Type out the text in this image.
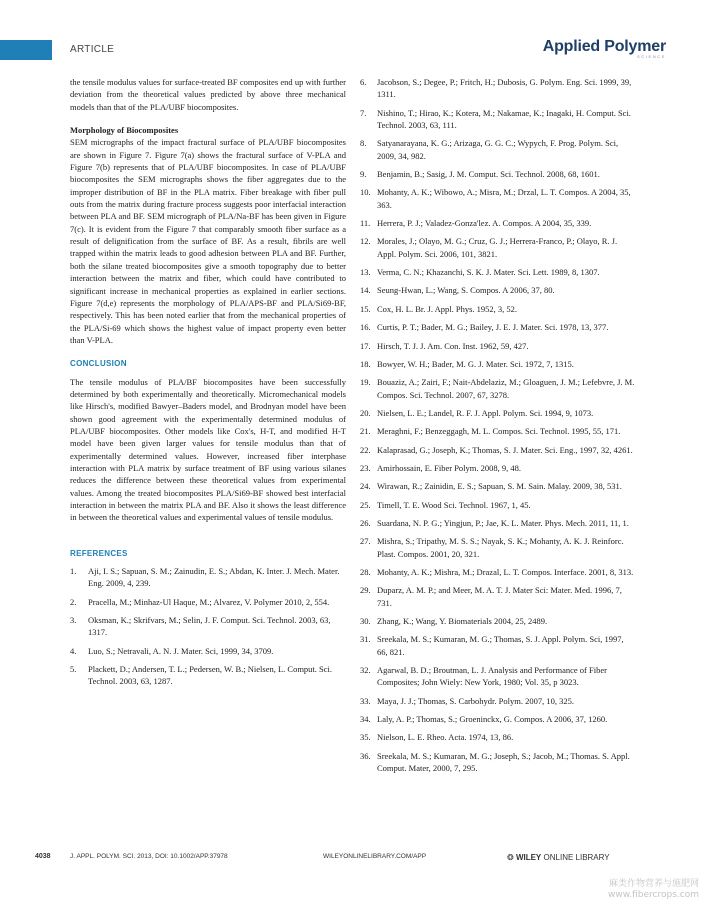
ARTICLE	Applied Polymer
SCIENCE

the tensile modulus values for surface-treated BF composites end up with further deviation from the theoretical values predicted by above three mechanical models than that of the PLA/UBF biocomposites.

Morphology of Biocomposites

SEM micrographs of the impact fractural surface of PLA/UBF biocomposites are shown in Figure 7. Figure 7(a) shows the fractural surface of V-PLA and Figure 7(b) represents that of PLA/UBF biocomposites. In case of PLA/UBF biocomposites the SEM micrographs shows the fiber aggregates due to the improper distribution of BF in the PLA matrix. Fiber breakage with fiber pull outs from the matrix during fracture process suggests poor interfacial interaction between PLA and BF. SEM micrograph of PLA/Na-BF has been given in Figure 7(c). It is evident from the Figure 7 that comparably smooth fiber surface as a result of delignification from the surface of BF. As a result, fibrils are well trapped within the matrix leads to good adhesion between PLA and BF. Further, both the silane treated biocomposites give a smooth topography due to better interaction between the matrix and fiber, which could have contributed to significant increase in mechanical properties as explained in earlier sections. Figure 7(d,e) represents the morphology of PLA/APS-BF and PLA/Si69-BF, respectively. This has been noted earlier that from the mechanical properties of the PLA/Si-69 which shows the highest value of impact property even better than V-PLA.

CONCLUSION

The tensile modulus of PLA/BF biocomposites have been successfully determined by both experimentally and theoretically. Micromechanical models like Hirsch's, modified Bawyer–Baders model, and Brodnyan model have been shown good agreement with the experimentally determined modulus of PLA/UBF biocomposites. Other models like Cox's, H-T, and modified H-T model have been given larger values for tensile modulus than that of experimentally determined values. However, increased fiber interphase interaction with PLA matrix by surface treatment of BF using various silanes reduces the difference between these theoretical values from experimental values. Among the treated biocomposites PLA/Si69-BF showed best interfacial interaction in between the matrix PLA and BF. Also it shows the least difference in between the theoretical values and experimental values of tensile modulus.

REFERENCES
1.	Aji, I. S.; Sapuan, S. M.; Zainudin, E. S.; Abdan, K. Inter. J. Mech. Mater. Eng. 2009, 4, 239.
2.	Pracella, M.; Minhaz-Ul Haque, M.; Alvarez, V. Polymer 2010, 2, 554.
3.	Oksman, K.; Skrifvars, M.; Selin, J. F. Comput. Sci. Technol. 2003, 63, 1317.
4.	Luo, S.; Netravali, A. N. J. Mater. Sci, 1999, 34, 3709.
5.	Plackett, D.; Andersen, T. L.; Pedersen, W. B.; Nielsen, L. Comput. Sci. Technol. 2003, 63, 1287.
6.	Jacobson, S.; Degee, P.; Fritch, H.; Dubosis, G. Polym. Eng. Sci. 1999, 39, 1311.
7.	Nishino, T.; Hirao, K.; Kotera, M.; Nakamae, K.; Inagaki, H. Comput. Sci. Technol. 2003, 63, 111.
8.	Satyanarayana, K. G.; Arizaga, G. G. C.; Wypych, F. Prog. Polym. Sci, 2009, 34, 982.
9.	Benjamin, B.; Sasig, J. M. Comput. Sci. Technol. 2008, 68, 1601.
10. Mohanty, A. K.; Wibowo, A.; Misra, M.; Drzal, L. T. Compos. A 2004, 35, 363.
11. Herrera, P. J.; Valadez-Gonza'lez. A. Compos. A 2004, 35, 339.
12. Morales, J.; Olayo, M. G.; Cruz, G. J.; Herrera-Franco, P.; Olayo, R. J. Appl. Polym. Sci. 2006, 101, 3821.
13. Verma, C. N.; Khazanchi, S. K. J. Mater. Sci. Lett. 1989, 8, 1307.
14. Seung-Hwan, L.; Wang, S. Compos. A 2006, 37, 80.
15. Cox, H. L. Br. J. Appl. Phys. 1952, 3, 52.
16. Curtis, P. T.; Bader, M. G.; Bailey, J. E. J. Mater. Sci. 1978, 13, 377.
17. Hirsch, T. J. J. Am. Con. Inst. 1962, 59, 427.
18. Bowyer, W. H.; Bader, M. G. J. Mater. Sci. 1972, 7, 1315.
19. Bouaziz, A.; Zairi, F.; Nait-Abdelaziz, M.; Gloaguen, J. M.; Lefebvre, J. M. Compos. Sci. Technol. 2007, 67, 3278.
20. Nielsen, L. E.; Landel, R. F. J. Appl. Polym. Sci. 1994, 9, 1073.
21. Meraghni, F.; Benzeggagh, M. L. Compos. Sci. Technol. 1995, 55, 171.
22. Kalaprasad, G.; Joseph, K.; Thomas, S. J. Mater. Sci. Eng., 1997, 32, 4261.
23. Amirhossain, E. Fiber Polym. 2008, 9, 48.
24. Wirawan, R.; Zainidin, E. S.; Sapuan, S. M. Sain. Malay. 2009, 38, 531.
25. Timell, T. E. Wood Sci. Technol. 1967, 1, 45.
26. Suardana, N. P. G.; Yingjun, P.; Jae, K. L. Mater. Phys. Mech. 2011, 11, 1.
27. Mishra, S.; Tripathy, M. S. S.; Nayak, S. K.; Mohanty, A. K. J. Reinforc. Plast. Compos. 2001, 20, 321.
28. Mohanty, A. K.; Mishra, M.; Drazal, L. T. Compos. Interface. 2001, 8, 313.
29. Duparz, A. M. P.; and Meer, M. A. T. J. Mater Sci: Mater. Med. 1996, 7, 731.
30. Zhang, K.; Wang, Y. Biomaterials 2004, 25, 2489.
31. Sreekala, M. S.; Kumaran, M. G.; Thomas, S. J. Appl. Polym. Sci, 1997, 66, 821.
32. Agarwal, B. D.; Broutman, L. J. Analysis and Performance of Fiber Composites; John Wiely: New York, 1980; Vol. 35, p 3023.
33. Maya, J. J.; Thomas, S. Carbohydr. Polym. 2007, 10, 325.
34. Laly, A. P.; Thomas, S.; Groeninckx, G. Compos. A 2006, 37, 1260.
35. Nielson, L. E. Rheo. Acta. 1974, 13, 86.
36. Sreekala, M. S.; Kumaran, M. G.; Joseph, S.; Jacob, M.; Thomas. S. Appl. Comput. Mater, 2000, 7, 295.
4038	J. APPL. POLYM. SCI. 2013, DOI: 10.1002/APP.37978	WILEYONLINELIBRARY.COM/APP	❂ WILEY ONLINE LIBRARY
麻类作物营养与施肥网
www.fibercrops.com
